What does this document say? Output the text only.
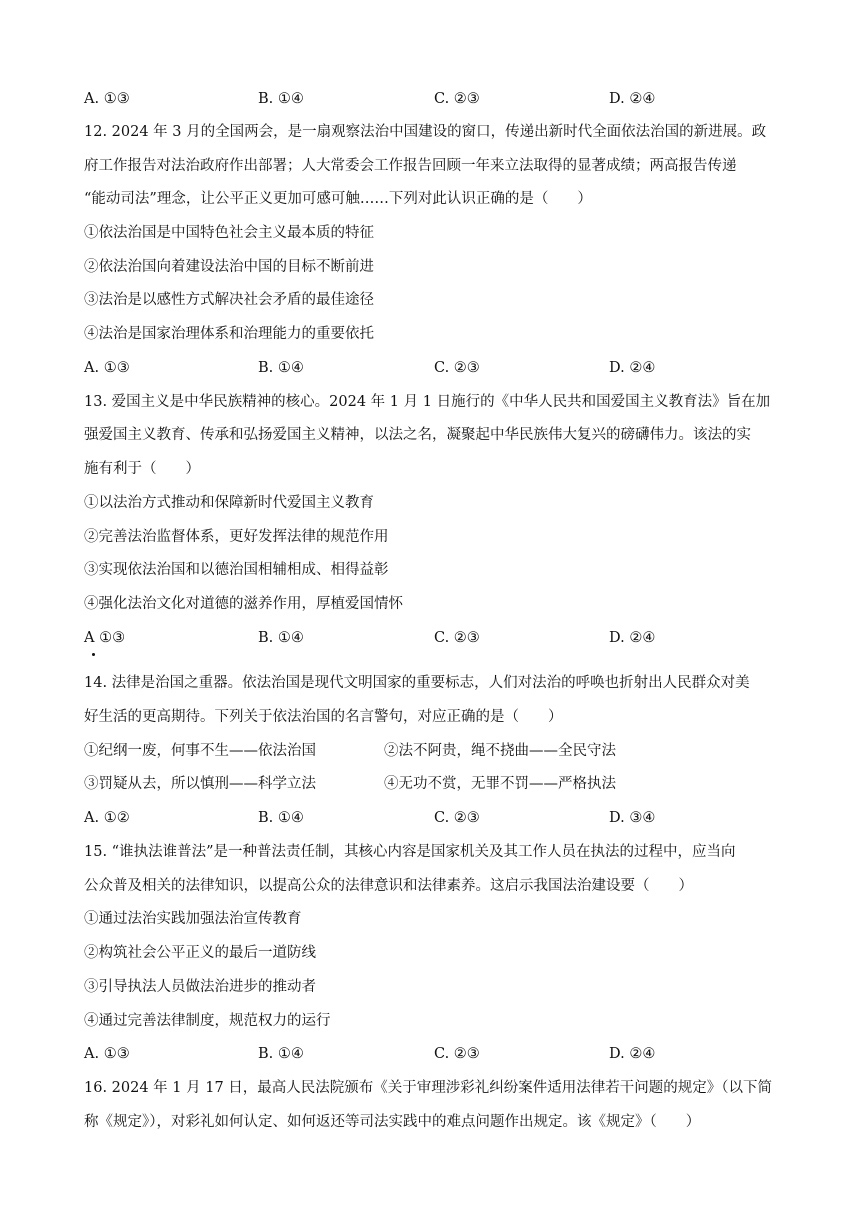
A. ①③	B. ①④	C. ②③	D. ②④
12. 2024 年 3 月的全国两会，是一扇观察法治中国建设的窗口，传递出新时代全面依法治国的新进展。政
府工作报告对法治政府作出部署；人大常委会工作报告回顾一年来立法取得的显著成绩；两高报告传递
“能动司法”理念，让公平正义更加可感可触……下列对此认识正确的是（　　）
①依法治国是中国特色社会主义最本质的特征
②依法治国向着建设法治中国的目标不断前进
③法治是以感性方式解决社会矛盾的最佳途径
④法治是国家治理体系和治理能力的重要依托
A. ①③	B. ①④	C. ②③	D. ②④
13. 爱国主义是中华民族精神的核心。2024 年 1 月 1 日施行的《中华人民共和国爱国主义教育法》旨在加
强爱国主义教育、传承和弘扬爱国主义精神，以法之名，凝聚起中华民族伟大复兴的磅礴伟力。该法的实
施有利于（　　）
①以法治方式推动和保障新时代爱国主义教育
②完善法治监督体系，更好发挥法律的规范作用
③实现依法治国和以德治国相辅相成、相得益彰
④强化法治文化对道德的滋养作用，厚植爱国情怀
A ①③	B. ①④	C. ②③	D. ②④
14. 法律是治国之重器。依法治国是现代文明国家的重要标志，人们对法治的呼唤也折射出人民群众对美
好生活的更高期待。下列关于依法治国的名言警句，对应正确的是（　　）
①纪纲一废，何事不生——依法治国	②法不阿贵，绳不挠曲——全民守法
③罚疑从去，所以慎刑——科学立法	④无功不赏，无罪不罚——严格执法
A. ①②	B. ①④	C. ②③	D. ③④
15. “谁执法谁普法”是一种普法责任制，其核心内容是国家机关及其工作人员在执法的过程中，应当向
公众普及相关的法律知识，以提高公众的法律意识和法律素养。这启示我国法治建设要（　　）
①通过法治实践加强法治宣传教育
②构筑社会公平正义的最后一道防线
③引导执法人员做法治进步的推动者
④通过完善法律制度，规范权力的运行
A. ①③	B. ①④	C. ②③	D. ②④
16. 2024 年 1 月 17 日，最高人民法院颁布《关于审理涉彩礼纠纷案件适用法律若干问题的规定》（以下简
称《规定》），对彩礼如何认定、如何返还等司法实践中的难点问题作出规定。该《规定》（　　）
